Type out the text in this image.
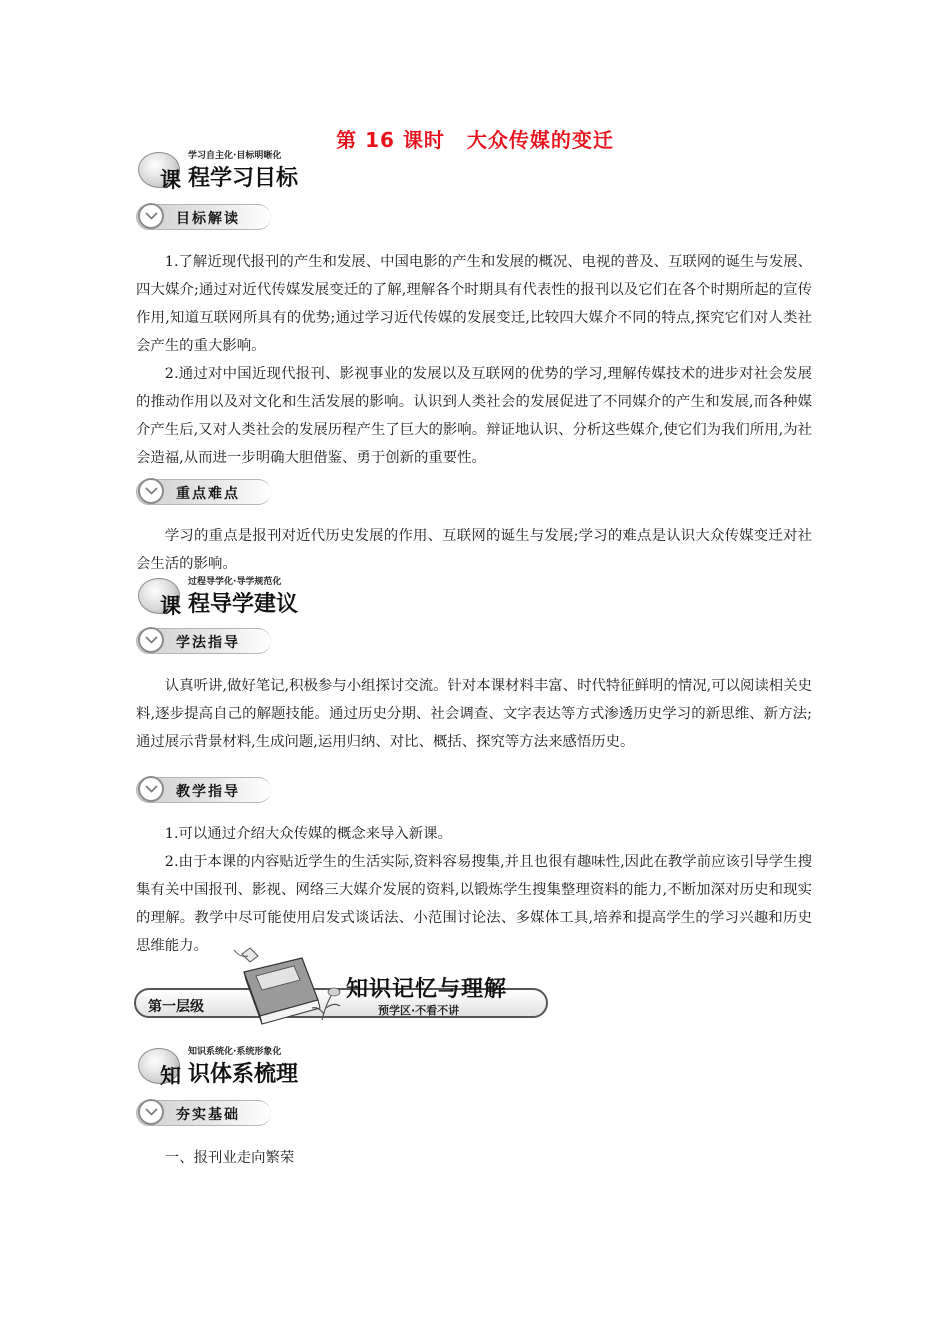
第 16 课时 大众传媒的变迁
学习自主化·目标明晰化
课 程学习目标
目标解读

1.了解近现代报刊的产生和发展、中国电影的产生和发展的概况、电视的普及、互联网的诞生与发展、四大媒介;通过对近代传媒发展变迁的了解,理解各个时期具有代表性的报刊以及它们在各个时期所起的宣传作用,知道互联网所具有的优势;通过学习近代传媒的发展变迁,比较四大媒介不同的特点,探究它们对人类社会产生的重大影响。

2.通过对中国近现代报刊、影视事业的发展以及互联网的优势的学习,理解传媒技术的进步对社会发展的推动作用以及对文化和生活发展的影响。认识到人类社会的发展促进了不同媒介的产生和发展,而各种媒介产生后,又对人类社会的发展历程产生了巨大的影响。辩证地认识、分析这些媒介,使它们为我们所用,为社会造福,从而进一步明确大胆借鉴、勇于创新的重要性。

重点难点

学习的重点是报刊对近代历史发展的作用、互联网的诞生与发展;学习的难点是认识大众传媒变迁对社会生活的影响。

过程导学化·导学规范化
课 程导学建议
学法指导

认真听讲,做好笔记,积极参与小组探讨交流。针对本课材料丰富、时代特征鲜明的情况,可以阅读相关史料,逐步提高自己的解题技能。通过历史分期、社会调查、文字表达等方式渗透历史学习的新思维、新方法;通过展示背景材料,生成问题,运用归纳、对比、概括、探究等方法来感悟历史。

教学指导

1.可以通过介绍大众传媒的概念来导入新课。

2.由于本课的内容贴近学生的生活实际,资料容易搜集,并且也很有趣味性,因此在教学前应该引导学生搜集有关中国报刊、影视、网络三大媒介发展的资料,以锻炼学生搜集整理资料的能力,不断加深对历史和现实的理解。教学中尽可能使用启发式谈话法、小范围讨论法、多媒体工具,培养和提高学生的学习兴趣和历史思维能力。

第一层级
知识记忆与理解
预学区·不看不讲
知识系统化·系统形象化
知 识体系梳理
夯实基础

一、报刊业走向繁荣
